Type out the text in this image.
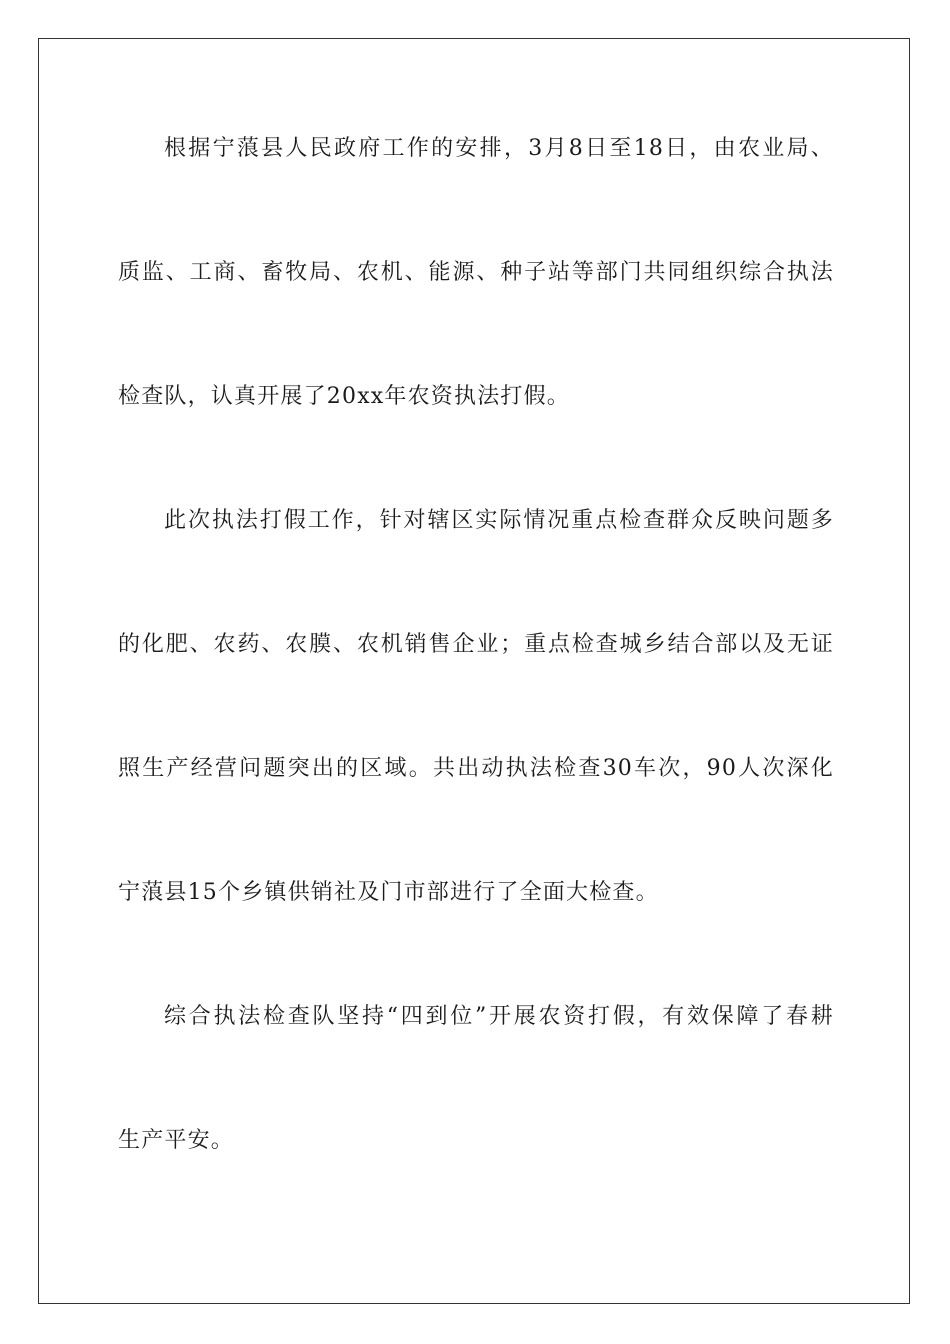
根据宁蒗县人民政府工作的安排，3月8日至18日，由农业局、
质监、工商、畜牧局、农机、能源、种子站等部门共同组织综合执法
检查队，认真开展了20xx年农资执法打假。
此次执法打假工作，针对辖区实际情况重点检查群众反映问题多
的化肥、农药、农膜、农机销售企业；重点检查城乡结合部以及无证
照生产经营问题突出的区域。共出动执法检查30车次，90人次深化
宁蒗县15个乡镇供销社及门市部进行了全面大检查。
综合执法检查队坚持“四到位”开展农资打假，有效保障了春耕
生产平安。
